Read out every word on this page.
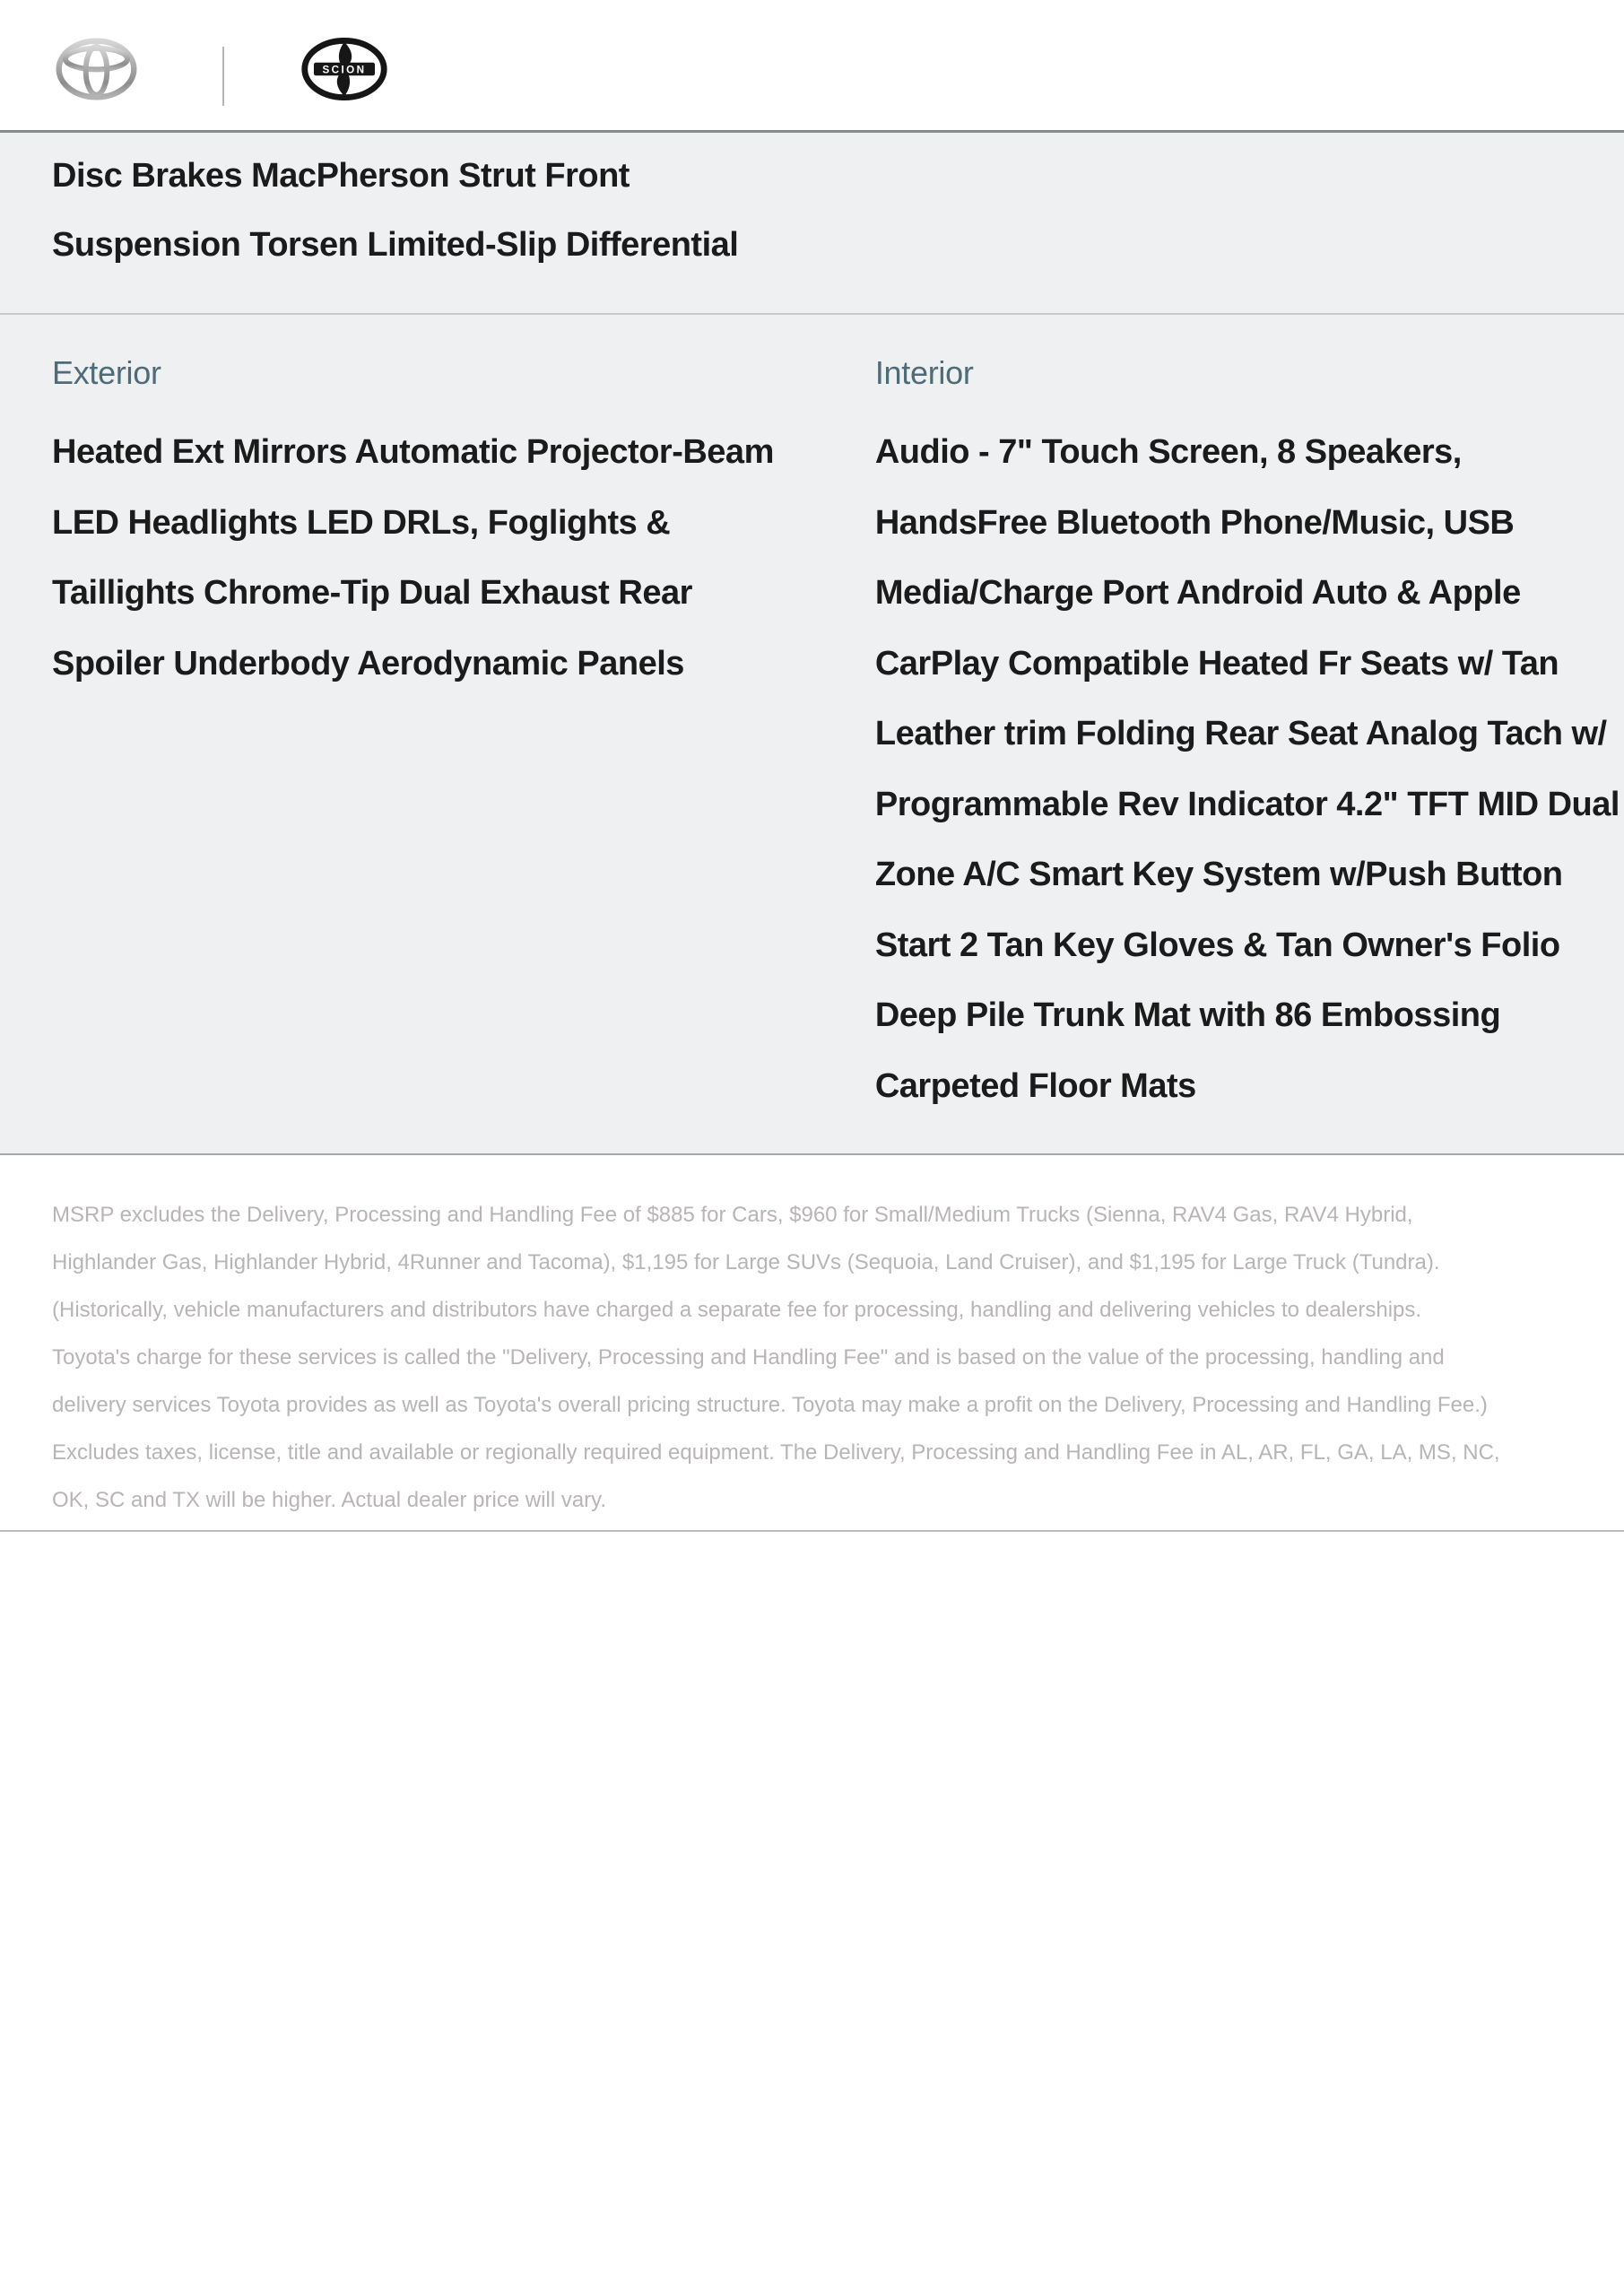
SCION
Disc Brakes MacPherson Strut Front
Suspension Torsen Limited-Slip Differential
Exterior
Heated Ext Mirrors Automatic Projector-Beam
LED Headlights LED DRLs, Foglights &
Taillights Chrome-Tip Dual Exhaust Rear
Spoiler Underbody Aerodynamic Panels
Interior
Audio - 7" Touch Screen, 8 Speakers,
HandsFree Bluetooth Phone/Music, USB
Media/Charge Port Android Auto & Apple
CarPlay Compatible Heated Fr Seats w/ Tan
Leather trim Folding Rear Seat Analog Tach w/
Programmable Rev Indicator 4.2" TFT MID Dual
Zone A/C Smart Key System w/Push Button
Start 2 Tan Key Gloves & Tan Owner's Folio
Deep Pile Trunk Mat with 86 Embossing
Carpeted Floor Mats
MSRP excludes the Delivery, Processing and Handling Fee of $885 for Cars, $960 for Small/Medium Trucks (Sienna, RAV4 Gas, RAV4 Hybrid,
Highlander Gas, Highlander Hybrid, 4Runner and Tacoma), $1,195 for Large SUVs (Sequoia, Land Cruiser), and $1,195 for Large Truck (Tundra).
(Historically, vehicle manufacturers and distributors have charged a separate fee for processing, handling and delivering vehicles to dealerships.
Toyota's charge for these services is called the "Delivery, Processing and Handling Fee" and is based on the value of the processing, handling and
delivery services Toyota provides as well as Toyota's overall pricing structure. Toyota may make a profit on the Delivery, Processing and Handling Fee.)
Excludes taxes, license, title and available or regionally required equipment. The Delivery, Processing and Handling Fee in AL, AR, FL, GA, LA, MS, NC,
OK, SC and TX will be higher. Actual dealer price will vary.
